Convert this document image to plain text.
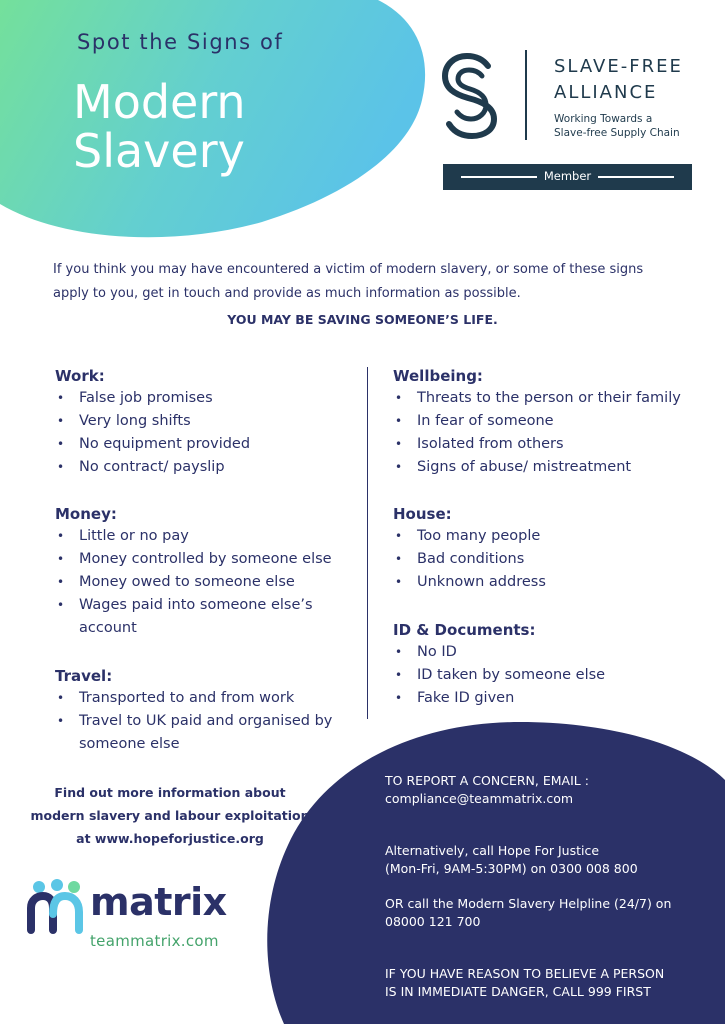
Spot the Signs of
Modern
Slavery
SLAVE-FREE
ALLIANCE
Working Towards a
Slave-free Supply Chain
Member

If you think you may have encountered a victim of modern slavery, or some of these signs apply to you, get in touch and provide as much information as possible.

YOU MAY BE SAVING SOMEONE’S LIFE.
Work:
• False job promises
• Very long shifts
• No equipment provided
• No contract/ payslip
Money:
• Little or no pay
• Money controlled by someone else
• Money owed to someone else
• Wages paid into someone else’s account
Travel:
• Transported to and from work
• Travel to UK paid and organised by someone else
Wellbeing:
• Threats to the person or their family
• In fear of someone
• Isolated from others
• Signs of abuse/ mistreatment
House:
• Too many people
• Bad conditions
• Unknown address
ID & Documents:
• No ID
• ID taken by someone else
• Fake ID given
Find out more information about
modern slavery and labour exploitation
at www.hopeforjustice.org
matrix
teammatrix.com
TO REPORT A CONCERN, EMAIL :
compliance@teammatrix.com
Alternatively, call Hope For Justice
(Mon-Fri, 9AM-5:30PM) on 0300 008 800
OR call the Modern Slavery Helpline (24/7) on
08000 121 700
IF YOU HAVE REASON TO BELIEVE A PERSON
IS IN IMMEDIATE DANGER, CALL 999 FIRST
